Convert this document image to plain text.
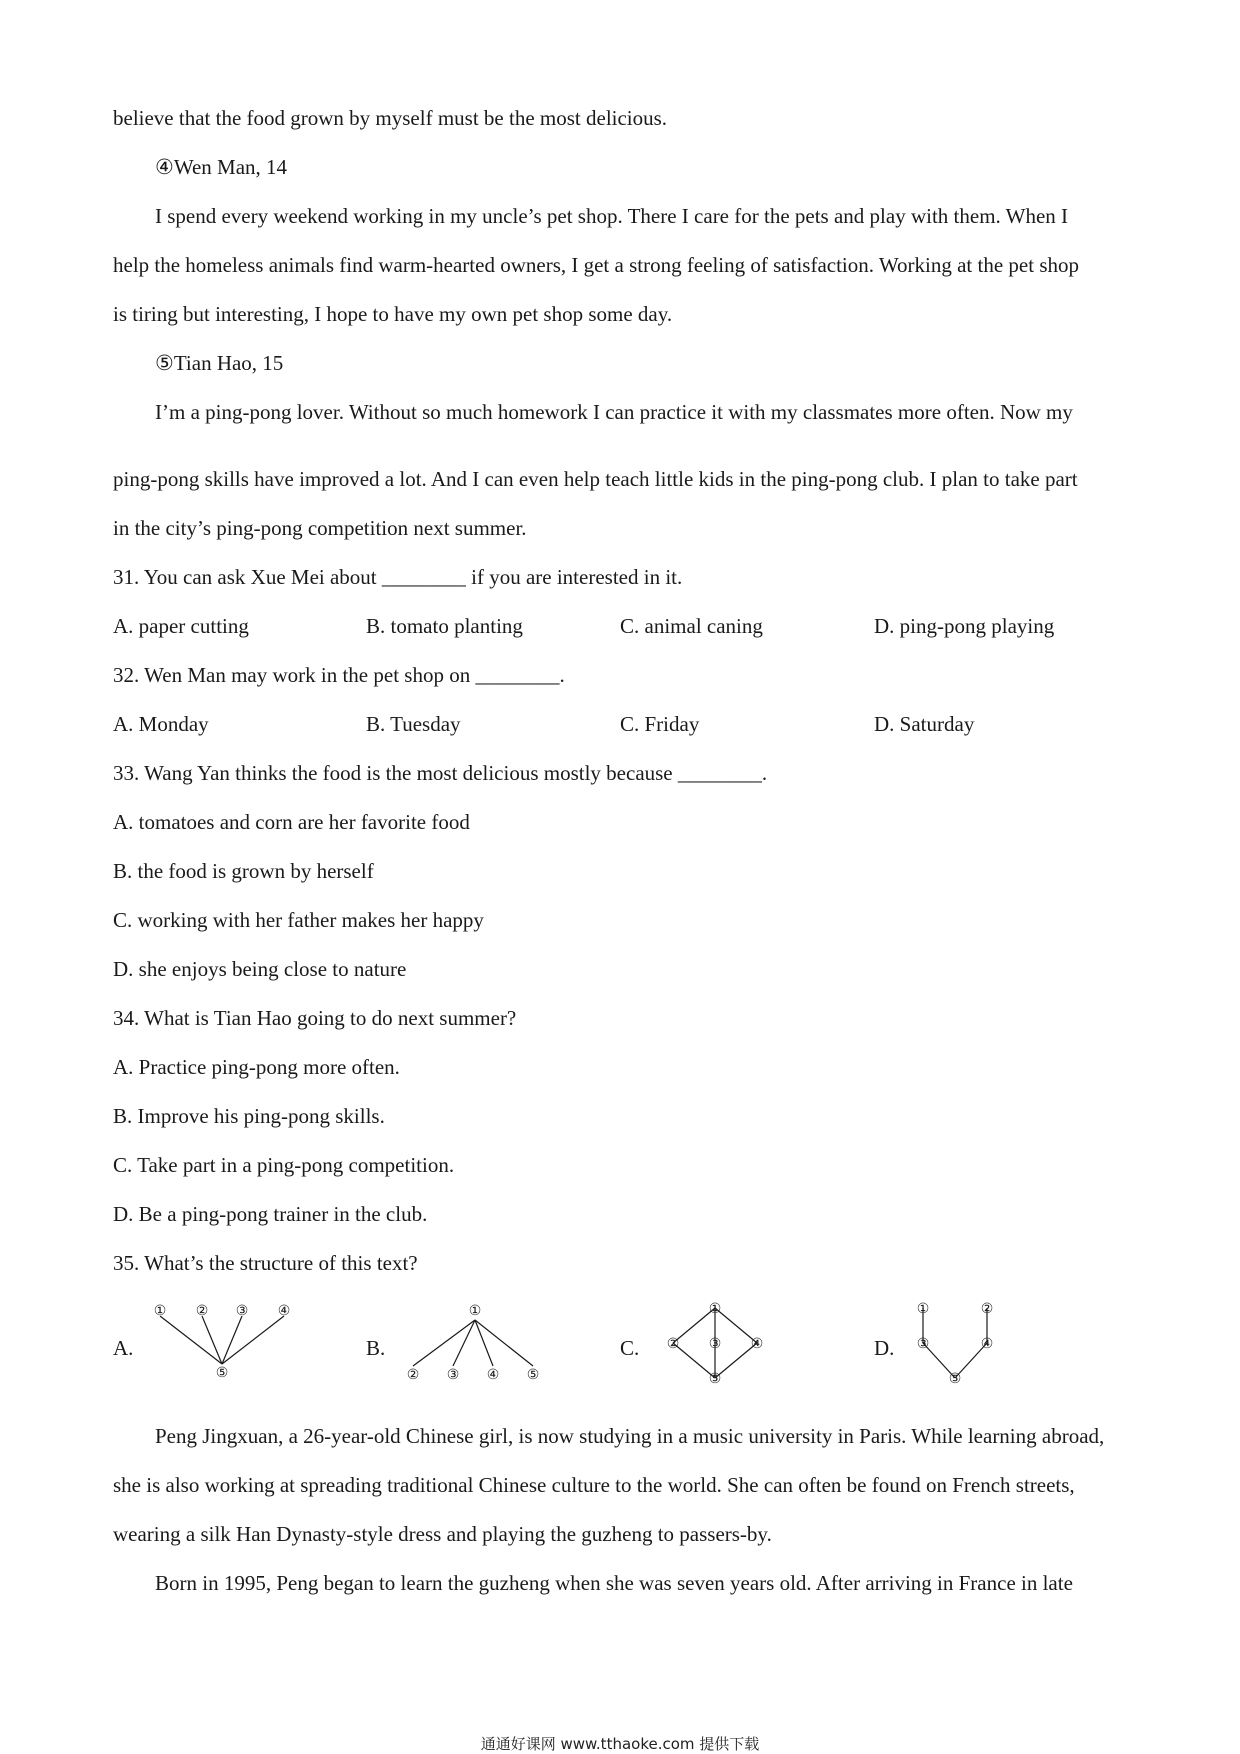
believe that the food grown by myself must be the most delicious.
④Wen Man, 14
I spend every weekend working in my uncle’s pet shop. There I care for the pets and play with them. When I
help the homeless animals find warm-hearted owners, I get a strong feeling of satisfaction. Working at the pet shop
is tiring but interesting, I hope to have my own pet shop some day.
⑤Tian Hao, 15
I’m a ping-pong lover. Without so much homework I can practice it with my classmates more often. Now my
ping-pong skills have improved a lot. And I can even help teach little kids in the ping-pong club. I plan to take part
in the city’s ping-pong competition next summer.
31. You can ask Xue Mei about ________ if you are interested in it.
A. paper cutting	B. tomato planting	C. animal caning	D. ping-pong playing
32. Wen Man may work in the pet shop on ________.
A. Monday	B. Tuesday	C. Friday	D. Saturday
33. Wang Yan thinks the food is the most delicious mostly because ________.
A. tomatoes and corn are her favorite food
B. the food is grown by herself
C. working with her father makes her happy
D. she enjoys being close to nature
34. What is Tian Hao going to do next summer?
A. Practice ping-pong more often.
B. Improve his ping-pong skills.
C. Take part in a ping-pong competition.
D. Be a ping-pong trainer in the club.
35. What’s the structure of this text?
A.
① ② ③ ④
⑤
B.
①
② ③ ④ ⑤
C.
①
② ③ ④
⑤
D.
①	②
③	④
⑤
Peng Jingxuan, a 26-year-old Chinese girl, is now studying in a music university in Paris. While learning abroad,
she is also working at spreading traditional Chinese culture to the world. She can often be found on French streets,
wearing a silk Han Dynasty-style dress and playing the guzheng to passers-by.
Born in 1995, Peng began to learn the guzheng when she was seven years old. After arriving in France in late
通通好课网 www.tthaoke.com 提供下载
